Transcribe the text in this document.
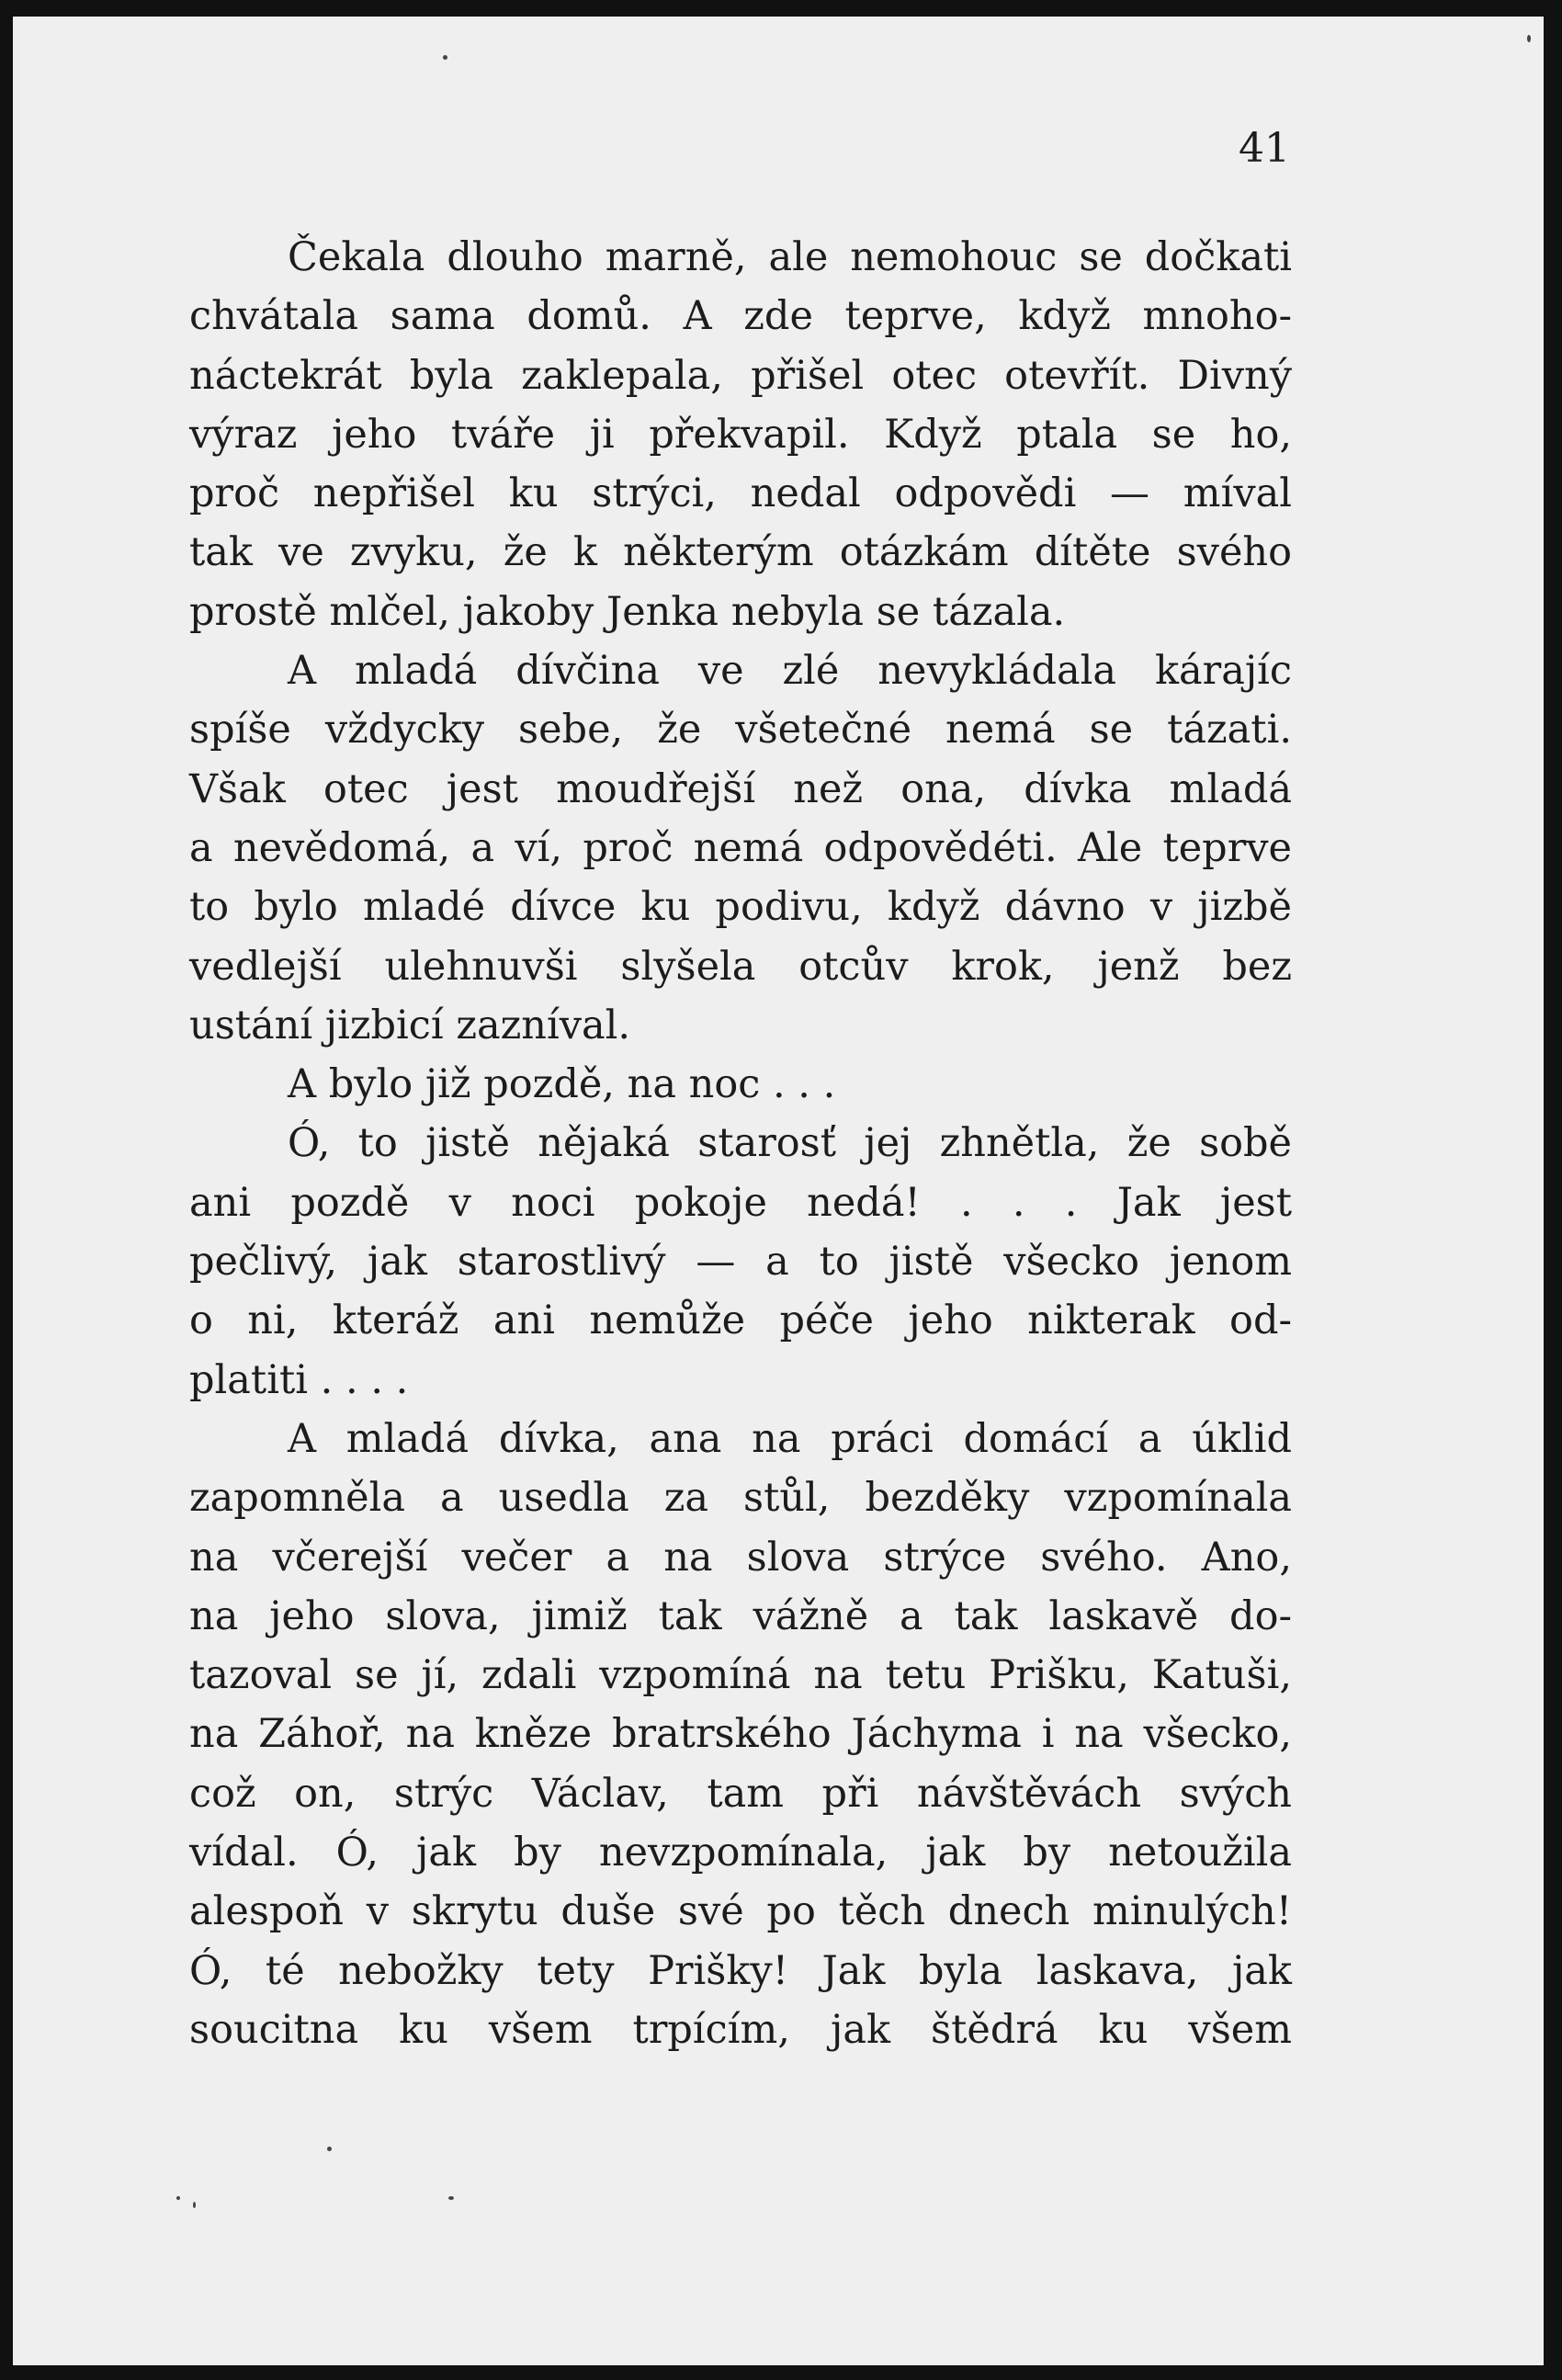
41
Čekala dlouho marně, ale nemohouc se dočkati
chvátala sama domů. A zde teprve, když mnoho-
náctekrát byla zaklepala, přišel otec otevřít. Divný
výraz jeho tváře ji překvapil. Když ptala se ho,
proč nepřišel ku strýci, nedal odpovědi — míval
tak ve zvyku, že k některým otázkám dítěte svého
prostě mlčel, jakoby Jenka nebyla se tázala.
A mladá dívčina ve zlé nevykládala kárajíc
spíše vždycky sebe, že všetečné nemá se tázati.
Však otec jest moudřejší než ona, dívka mladá
a nevědomá, a ví, proč nemá odpovědéti. Ale teprve
to bylo mladé dívce ku podivu, když dávno v jizbě
vedlejší ulehnuvši slyšela otcův krok, jenž bez
ustání jizbicí zazníval.
A bylo již pozdě, na noc . . .
Ó, to jistě nějaká starosť jej zhnětla, že sobě
ani pozdě v noci pokoje nedá! . . . Jak jest
pečlivý, jak starostlivý — a to jistě všecko jenom
o ni, kteráž ani nemůže péče jeho nikterak od-
platiti . . . .
A mladá dívka, ana na práci domácí a úklid
zapomněla a usedla za stůl, bezděky vzpomínala
na včerejší večer a na slova strýce svého. Ano,
na jeho slova, jimiž tak vážně a tak laskavě do-
tazoval se jí, zdali vzpomíná na tetu Prišku, Katuši,
na Záhoř, na kněze bratrského Jáchyma i na všecko,
což on, strýc Václav, tam při návštěvách svých
vídal. Ó, jak by nevzpomínala, jak by netoužila
alespoň v skrytu duše své po těch dnech minulých!
Ó, té nebožky tety Prišky! Jak byla laskava, jak
soucitna ku všem trpícím, jak štědrá ku všem
